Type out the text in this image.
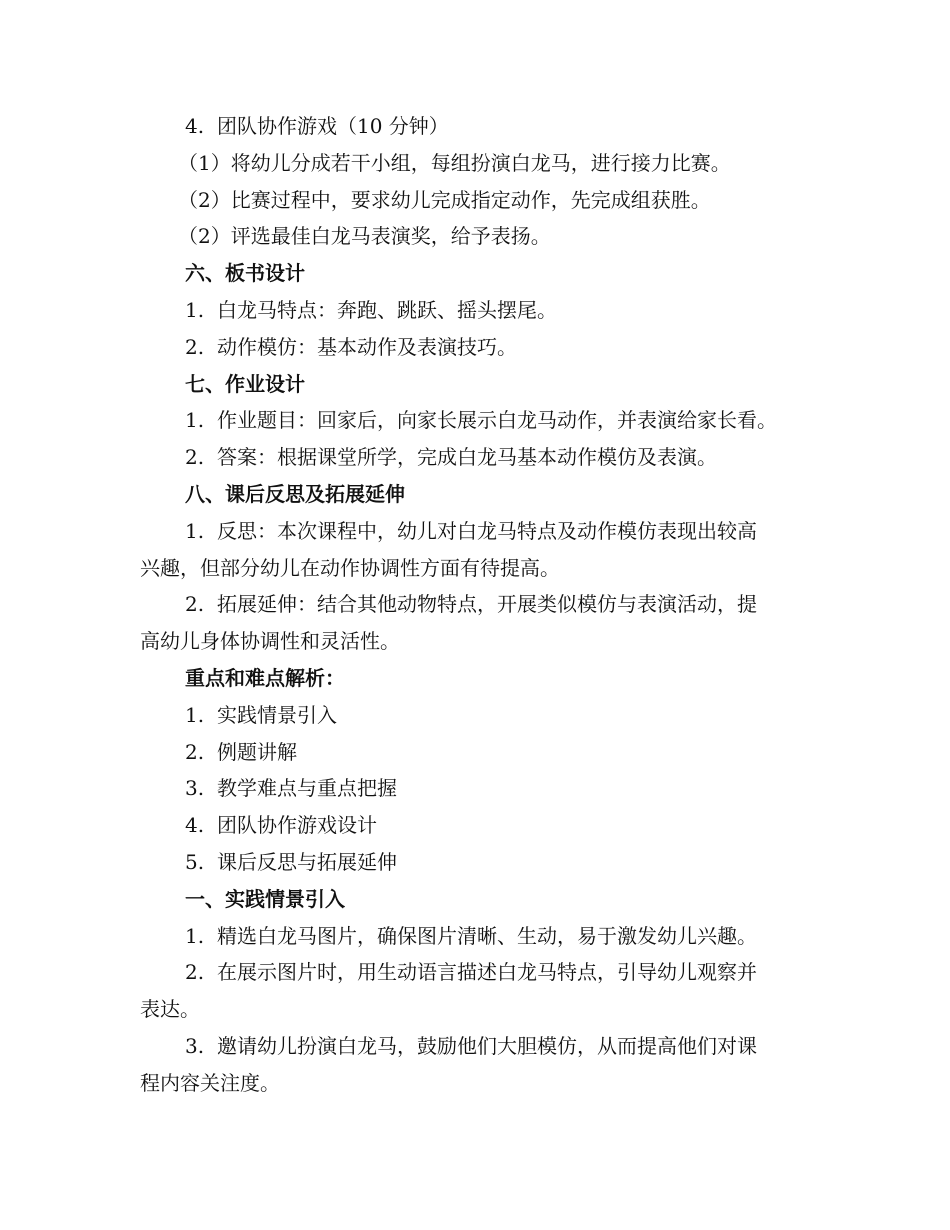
4. 团队协作游戏（10 分钟）
（1）将幼儿分成若干小组，每组扮演白龙马，进行接力比赛。
（2）比赛过程中，要求幼儿完成指定动作，先完成组获胜。
（2）评选最佳白龙马表演奖，给予表扬。
六、板书设计
1. 白龙马特点：奔跑、跳跃、摇头摆尾。
2. 动作模仿：基本动作及表演技巧。
七、作业设计
1. 作业题目：回家后，向家长展示白龙马动作，并表演给家长看。
2. 答案：根据课堂所学，完成白龙马基本动作模仿及表演。
八、课后反思及拓展延伸
1. 反思：本次课程中，幼儿对白龙马特点及动作模仿表现出较高
兴趣，但部分幼儿在动作协调性方面有待提高。
2. 拓展延伸：结合其他动物特点，开展类似模仿与表演活动，提
高幼儿身体协调性和灵活性。
重点和难点解析：
1. 实践情景引入
2. 例题讲解
3. 教学难点与重点把握
4. 团队协作游戏设计
5. 课后反思与拓展延伸
一、实践情景引入
1. 精选白龙马图片，确保图片清晰、生动，易于激发幼儿兴趣。
2. 在展示图片时，用生动语言描述白龙马特点，引导幼儿观察并
表达。
3. 邀请幼儿扮演白龙马，鼓励他们大胆模仿，从而提高他们对课
程内容关注度。
